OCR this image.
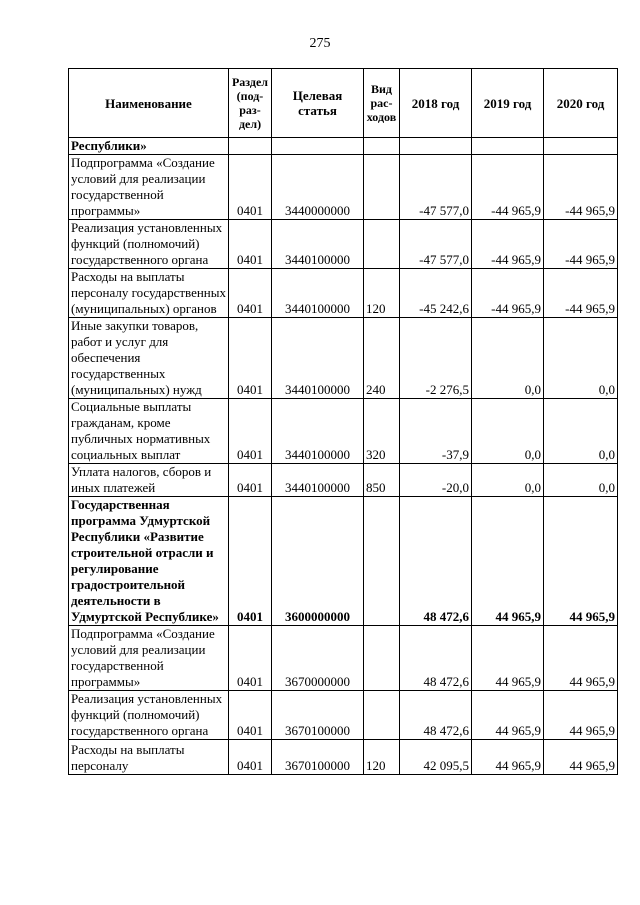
275
Наименование	Раздел (под-раз-дел)	Целевая статья	Вид рас-ходов	2018 год	2019 год	2020 год
Республики»						
Подпрограмма «Создание условий для реализации государственной программы»	0401	3440000000		-47 577,0	-44 965,9	-44 965,9
Реализация установленных функций (полномочий) государственного органа	0401	3440100000		-47 577,0	-44 965,9	-44 965,9
Расходы на выплаты персоналу государственных (муниципальных) органов	0401	3440100000	120	-45 242,6	-44 965,9	-44 965,9
Иные закупки товаров, работ и услуг для обеспечения государственных (муниципальных) нужд	0401	3440100000	240	-2 276,5	0,0	0,0
Социальные выплаты гражданам, кроме публичных нормативных социальных выплат	0401	3440100000	320	-37,9	0,0	0,0
Уплата налогов, сборов и иных платежей	0401	3440100000	850	-20,0	0,0	0,0
Государственная программа Удмуртской Республики «Развитие строительной отрасли и регулирование градостроительной деятельности в Удмуртской Республике»	0401	3600000000		48 472,6	44 965,9	44 965,9
Подпрограмма «Создание условий для реализации государственной программы»	0401	3670000000		48 472,6	44 965,9	44 965,9
Реализация установленных функций (полномочий) государственного органа	0401	3670100000		48 472,6	44 965,9	44 965,9
Расходы на выплаты персоналу	0401	3670100000	120	42 095,5	44 965,9	44 965,9
